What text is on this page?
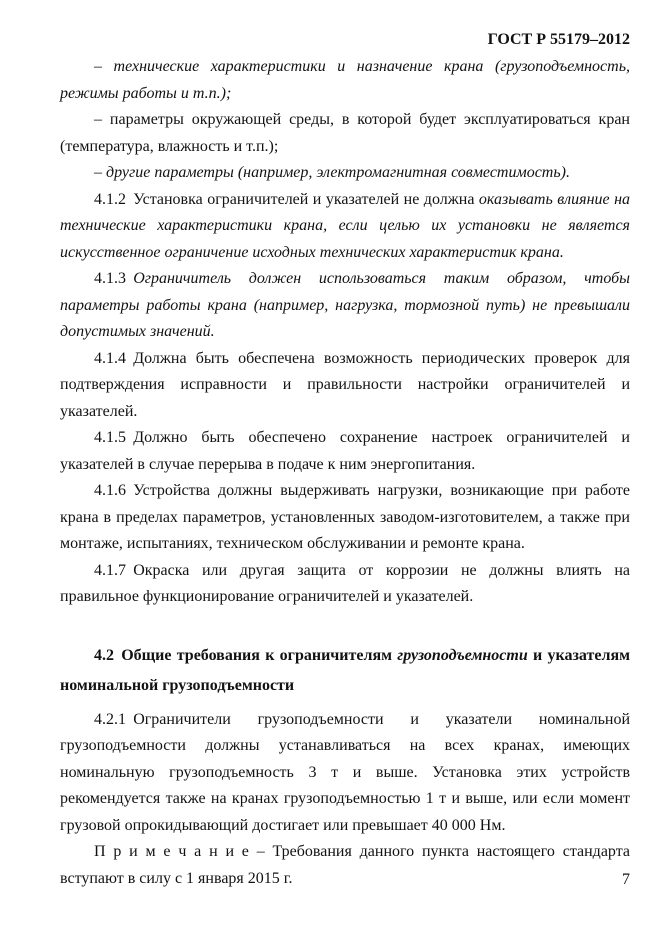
ГОСТ Р 55179–2012

– технические характеристики и назначение крана (грузоподъемность, режимы работы и т.п.);

– параметры окружающей среды, в которой будет эксплуатироваться кран (температура, влажность и т.п.);

– другие параметры (например, электромагнитная совместимость).

4.1.2 Установка ограничителей и указателей не должна оказывать влияние на технические характеристики крана, если целью их установки не является искусственное ограничение исходных технических характеристик крана.

4.1.3 Ограничитель должен использоваться таким образом, чтобы параметры работы крана (например, нагрузка, тормозной путь) не превышали допустимых значений.

4.1.4 Должна быть обеспечена возможность периодических проверок для подтверждения исправности и правильности настройки ограничителей и указателей.

4.1.5 Должно быть обеспечено сохранение настроек ограничителей и указателей в случае перерыва в подаче к ним энергопитания.

4.1.6 Устройства должны выдерживать нагрузки, возникающие при работе крана в пределах параметров, установленных заводом-изготовителем, а также при монтаже, испытаниях, техническом обслуживании и ремонте крана.

4.1.7 Окраска или другая защита от коррозии не должны влиять на правильное функционирование ограничителей и указателей.

4.2 Общие требования к ограничителям грузоподъемности и указателям номинальной грузоподъемности

4.2.1 Ограничители грузоподъемности и указатели номинальной грузоподъемности должны устанавливаться на всех кранах, имеющих номинальную грузоподъемность 3 т и выше. Установка этих устройств рекомендуется также на кранах грузоподъемностью 1 т и выше, или если момент грузовой опрокидывающий достигает или превышает 40 000 Нм.

П р и м е ч а н и е – Требования данного пункта настоящего стандарта вступают в силу с 1 января 2015 г.	7
